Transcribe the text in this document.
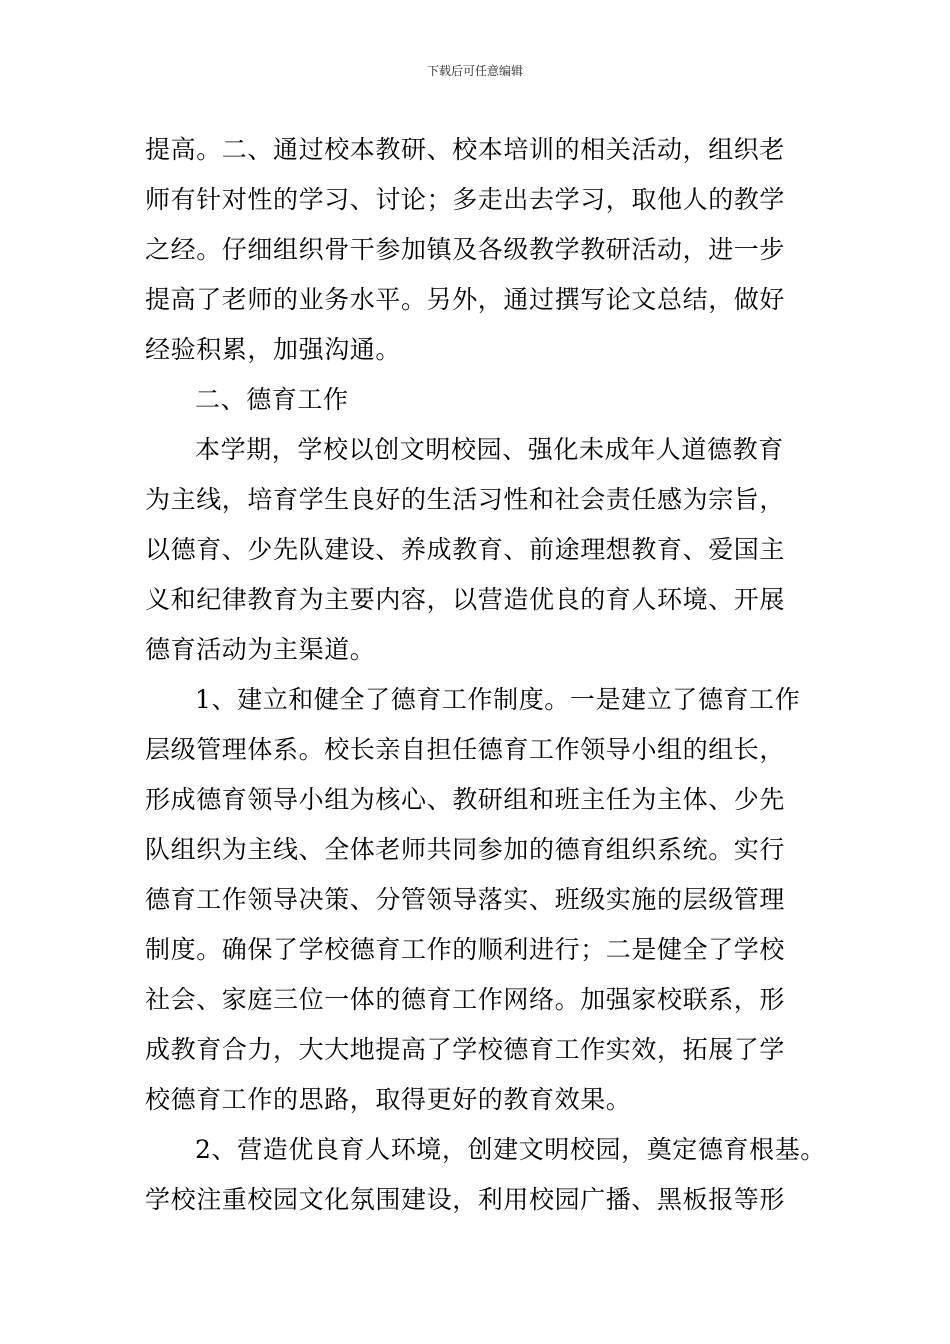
下载后可任意编辑
提高。二、通过校本教研、校本培训的相关活动，组织老
师有针对性的学习、讨论；多走出去学习，取他人的教学
之经。仔细组织骨干参加镇及各级教学教研活动，进一步
提高了老师的业务水平。另外，通过撰写论文总结，做好
经验积累，加强沟通。
二、德育工作
本学期，学校以创文明校园、强化未成年人道德教育
为主线，培育学生良好的生活习性和社会责任感为宗旨，
以德育、少先队建设、养成教育、前途理想教育、爱国主
义和纪律教育为主要内容，以营造优良的育人环境、开展
德育活动为主渠道。
1、建立和健全了德育工作制度。一是建立了德育工作
层级管理体系。校长亲自担任德育工作领导小组的组长，
形成德育领导小组为核心、教研组和班主任为主体、少先
队组织为主线、全体老师共同参加的德育组织系统。实行
德育工作领导决策、分管领导落实、班级实施的层级管理
制度。确保了学校德育工作的顺利进行；二是健全了学校
社会、家庭三位一体的德育工作网络。加强家校联系，形
成教育合力，大大地提高了学校德育工作实效，拓展了学
校德育工作的思路，取得更好的教育效果。
2、营造优良育人环境，创建文明校园，奠定德育根基。
学校注重校园文化氛围建设，利用校园广播、黑板报等形
